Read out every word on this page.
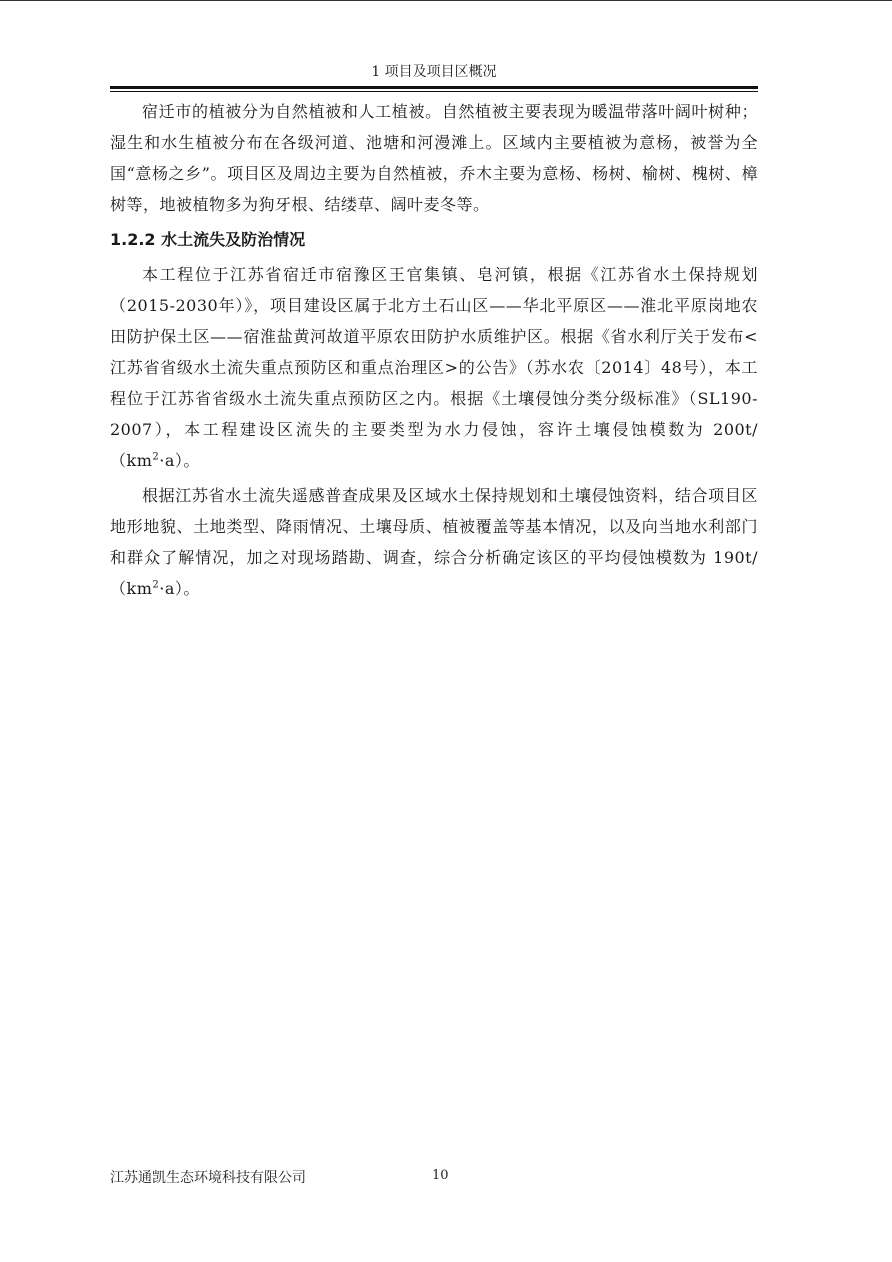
1 项目及项目区概况

宿迁市的植被分为自然植被和人工植被。自然植被主要表现为暖温带落叶阔叶树种；湿生和水生植被分布在各级河道、池塘和河漫滩上。区域内主要植被为意杨，被誉为全国“意杨之乡”。项目区及周边主要为自然植被，乔木主要为意杨、杨树、榆树、槐树、樟树等，地被植物多为狗牙根、结缕草、阔叶麦冬等。

1.2.2 水土流失及防治情况

本工程位于江苏省宿迁市宿豫区王官集镇、皂河镇，根据《江苏省水土保持规划（2015-2030年）》，项目建设区属于北方土石山区——华北平原区——淮北平原岗地农田防护保土区——宿淮盐黄河故道平原农田防护水质维护区。根据《省水利厅关于发布<江苏省省级水土流失重点预防区和重点治理区>的公告》（苏水农〔2014〕48号），本工程位于江苏省省级水土流失重点预防区之内。根据《土壤侵蚀分类分级标准》（SL190-2007），本工程建设区流失的主要类型为水力侵蚀，容许土壤侵蚀模数为 $200t/(km^2\cdot a)$。

根据江苏省水土流失遥感普查成果及区域水土保持规划和土壤侵蚀资料，结合项目区地形地貌、土地类型、降雨情况、土壤母质、植被覆盖等基本情况，以及向当地水利部门和群众了解情况，加之对现场踏勘、调查，综合分析确定该区的平均侵蚀模数为 $190t/(km^2\cdot a)$。

江苏通凯生态环境科技有限公司	10
